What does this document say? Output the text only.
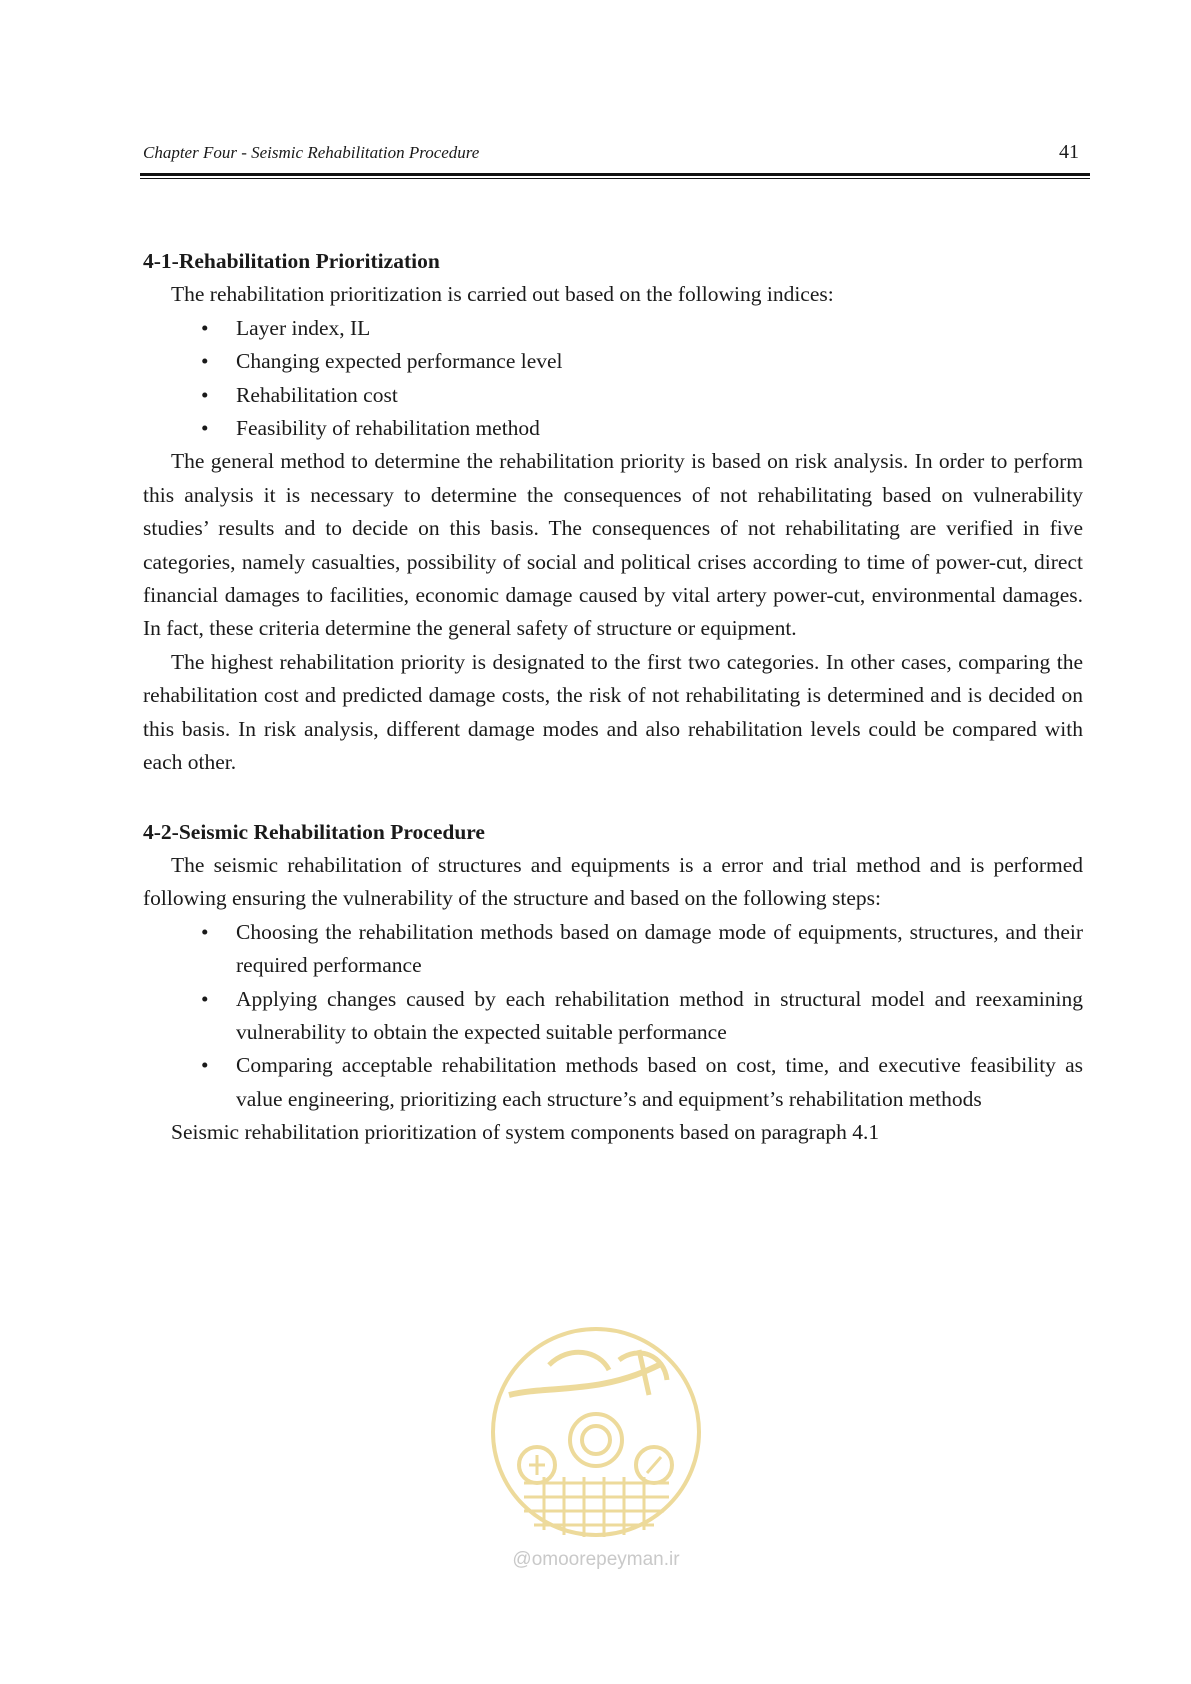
Chapter Four - Seismic Rehabilitation Procedure	41

4-1-Rehabilitation Prioritization

The rehabilitation prioritization is carried out based on the following indices:

• Layer index, IL
• Changing expected performance level
• Rehabilitation cost
• Feasibility of rehabilitation method

The general method to determine the rehabilitation priority is based on risk analysis. In order to perform this analysis it is necessary to determine the consequences of not rehabilitating based on vulnerability studies’ results and to decide on this basis. The consequences of not rehabilitating are verified in five categories, namely casualties, possibility of social and political crises according to time of power-cut, direct financial damages to facilities, economic damage caused by vital artery power-cut, environmental damages. In fact, these criteria determine the general safety of structure or equipment.

The highest rehabilitation priority is designated to the first two categories. In other cases, comparing the rehabilitation cost and predicted damage costs, the risk of not rehabilitating is determined and is decided on this basis. In risk analysis, different damage modes and also rehabilitation levels could be compared with each other.

4-2-Seismic Rehabilitation Procedure

The seismic rehabilitation of structures and equipments is a error and trial method and is performed following ensuring the vulnerability of the structure and based on the following steps:

• Choosing the rehabilitation methods based on damage mode of equipments, structures, and their required performance
• Applying changes caused by each rehabilitation method in structural model and reexamining vulnerability to obtain the expected suitable performance
• Comparing acceptable rehabilitation methods based on cost, time, and executive feasibility as value engineering, prioritizing each structure’s and equipment’s rehabilitation methods

Seismic rehabilitation prioritization of system components based on paragraph 4.1

@omoorepeyman.ir
